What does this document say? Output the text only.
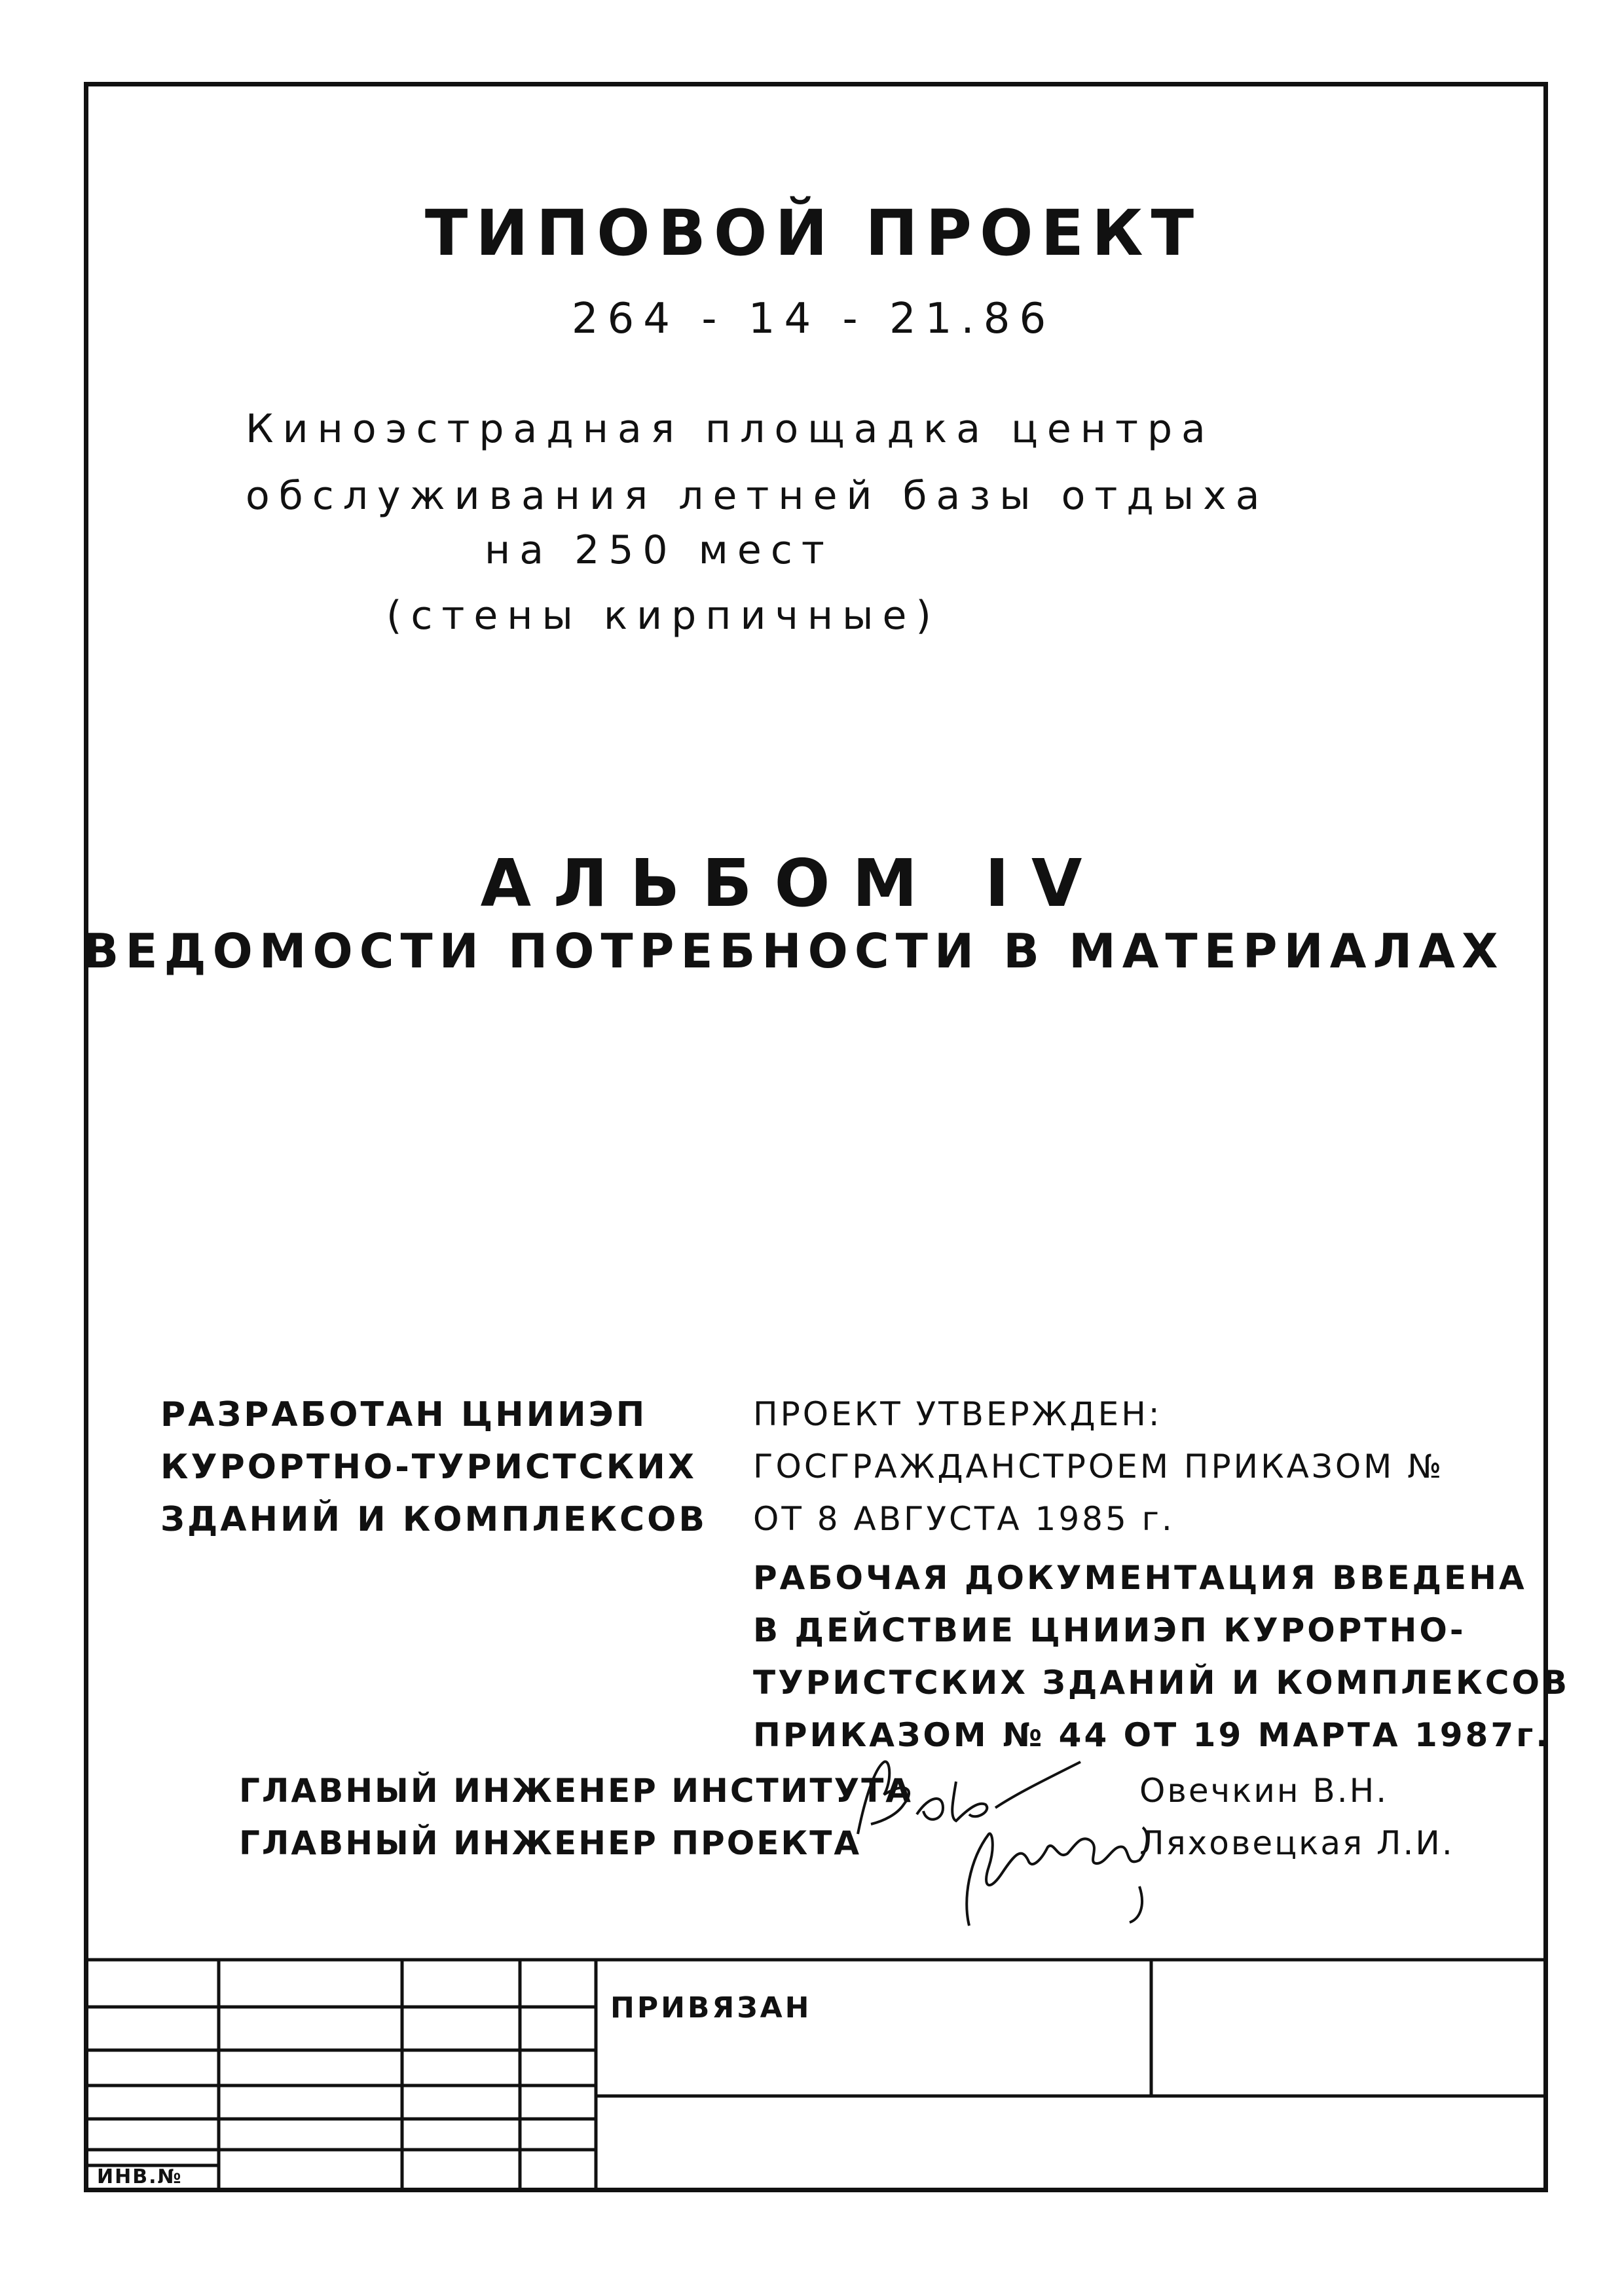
ТИПОВОЙ ПРОЕКТ
264 - 14 - 21.86
Киноэстрадная площадка центра
обслуживания летней базы отдыха
на 250 мест
(стены кирпичные)
АЛЬБОМ IV
ВЕДОМОСТИ ПОТРЕБНОСТИ В МАТЕРИАЛАХ
РАЗРАБОТАН ЦНИИЭП
КУРОРТНО-ТУРИСТСКИХ
ЗДАНИЙ И КОМПЛЕКСОВ
ПРОЕКТ УТВЕРЖДЕН:
ГОСГРАЖДАНСТРОЕМ ПРИКАЗОМ №
ОТ 8 АВГУСТА 1985 г.
РАБОЧАЯ ДОКУМЕНТАЦИЯ ВВЕДЕНА
В ДЕЙСТВИЕ ЦНИИЭП КУРОРТНО-
ТУРИСТСКИХ ЗДАНИЙ И КОМПЛЕКСОВ
ПРИКАЗОМ № 44 ОТ 19 МАРТА 1987г.
ГЛАВНЫЙ ИНЖЕНЕР ИНСТИТУТА
ГЛАВНЫЙ ИНЖЕНЕР ПРОЕКТА
Овечкин В.Н.
Ляховецкая Л.И.
ПРИВЯЗАН
ИНВ.№
